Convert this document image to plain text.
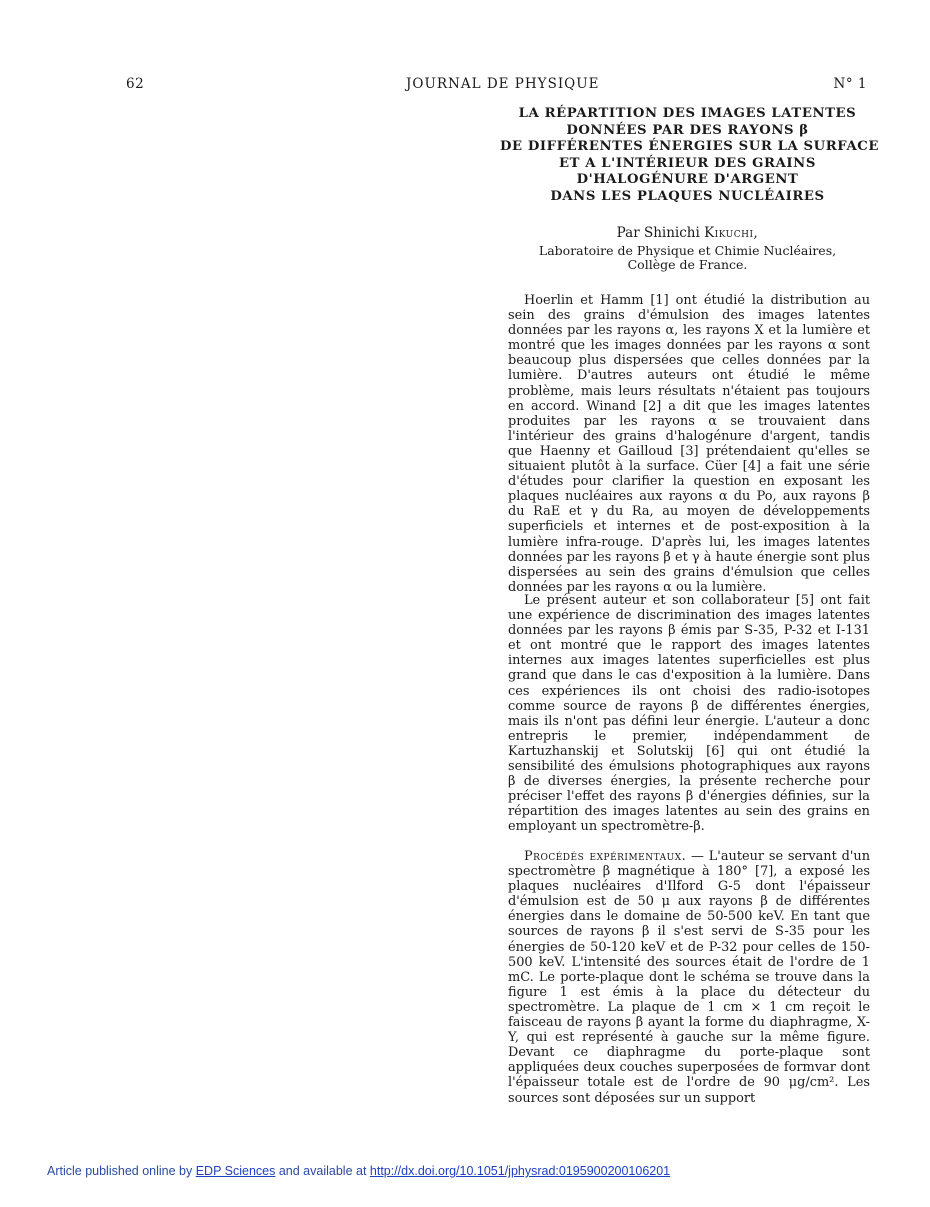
62	JOURNAL DE PHYSIQUE	N° 1
LA RÉPARTITION DES IMAGES LATENTES
DONNÉES PAR DES RAYONS β
DE DIFFÉRENTES ÉNERGIES SUR LA SURFACE
ET A L'INTÉRIEUR DES GRAINS
D'HALOGÉNURE D'ARGENT
DANS LES PLAQUES NUCLÉAIRES
Par Shinichi Kikuchi,
Laboratoire de Physique et Chimie Nucléaires,
Collège de France.

Hoerlin et Hamm [1] ont étudié la distribution au sein des grains d'émulsion des images latentes données par les rayons α, les rayons X et la lumière et montré que les images données par les rayons α sont beaucoup plus dispersées que celles données par la lumière. D'autres auteurs ont étudié le même problème, mais leurs résultats n'étaient pas toujours en accord. Winand [2] a dit que les images latentes produites par les rayons α se trouvaient dans l'intérieur des grains d'halogénure d'argent, tandis que Haenny et Gailloud [3] prétendaient qu'elles se situaient plutôt à la surface. Cüer [4] a fait une série d'études pour clarifier la question en exposant les plaques nucléaires aux rayons α du Po, aux rayons β du RaE et γ du Ra, au moyen de développements superficiels et internes et de post-exposition à la lumière infra-rouge. D'après lui, les images latentes données par les rayons β et γ à haute énergie sont plus dispersées au sein des grains d'émulsion que celles données par les rayons α ou la lumière.

Le présent auteur et son collaborateur [5] ont fait une expérience de discrimination des images latentes données par les rayons β émis par S-35, P-32 et I-131 et ont montré que le rapport des images latentes internes aux images latentes superficielles est plus grand que dans le cas d'exposition à la lumière. Dans ces expériences ils ont choisi des radio-isotopes comme source de rayons β de différentes énergies, mais ils n'ont pas défini leur énergie. L'auteur a donc entrepris le premier, indépendamment de Kartuzhanskij et Solutskij [6] qui ont étudié la sensibilité des émulsions photographiques aux rayons β de diverses énergies, la présente recherche pour préciser l'effet des rayons β d'énergies définies, sur la répartition des images latentes au sein des grains en employant un spectromètre-β.

Procédés expérimentaux. — L'auteur se servant d'un spectromètre β magnétique à 180° [7], a exposé les plaques nucléaires d'Ilford G-5 dont l'épaisseur d'émulsion est de 50 μ aux rayons β de différentes énergies dans le domaine de 50-500 keV. En tant que sources de rayons β il s'est servi de S-35 pour les énergies de 50-120 keV et de P-32 pour celles de 150-500 keV. L'intensité des sources était de l'ordre de 1 mC. Le porte-plaque dont le schéma se trouve dans la figure 1 est émis à la place du détecteur du spectromètre. La plaque de 1 cm × 1 cm reçoit le faisceau de rayons β ayant la forme du diaphragme, X-Y, qui est représenté à gauche sur la même figure. Devant ce diaphragme du porte-plaque sont appliquées deux couches superposées de formvar dont l'épaisseur totale est de l'ordre de 90 μg/cm². Les sources sont déposées sur un support

Article published online by EDP Sciences and available at http://dx.doi.org/10.1051/jphysrad:0195900200106201
